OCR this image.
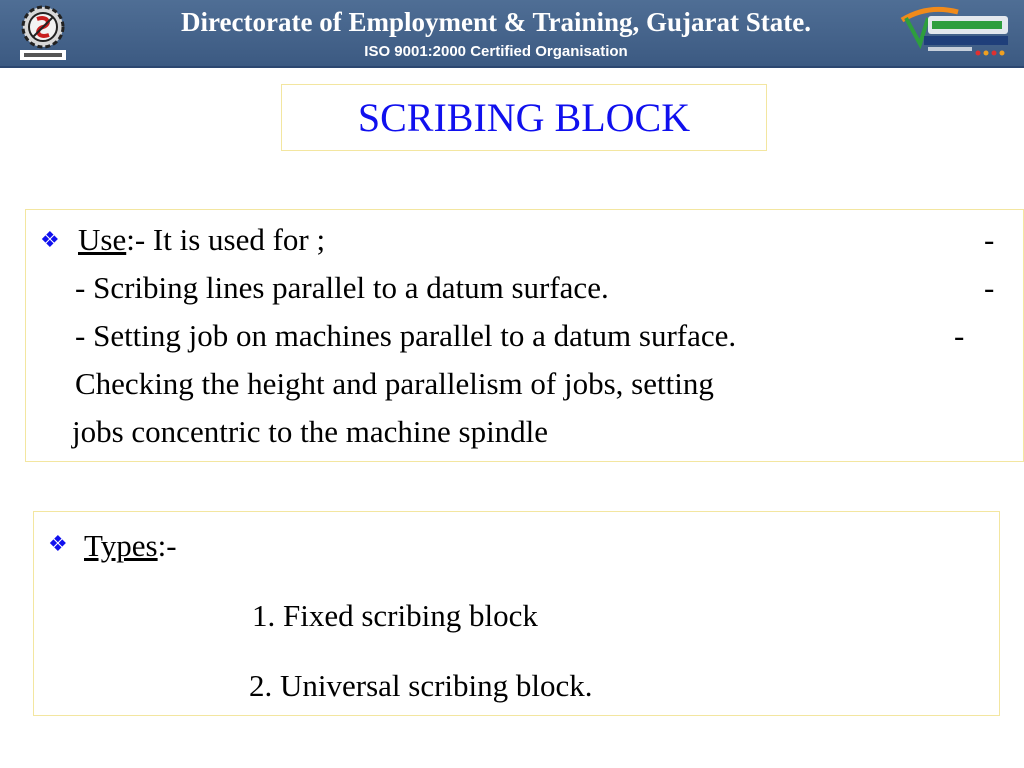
Directorate of Employment & Training, Gujarat State.

ISO 9001:2000 Certified Organisation

SCRIBING BLOCK
❖ Use:- It is used for ;	-
- Scribing lines parallel to a datum surface.	-
- Setting job on machines parallel to a datum surface.	-
Checking the height and parallelism of jobs, setting
jobs concentric to the machine spindle
❖ Types:-
1. Fixed scribing block
2. Universal scribing block.
